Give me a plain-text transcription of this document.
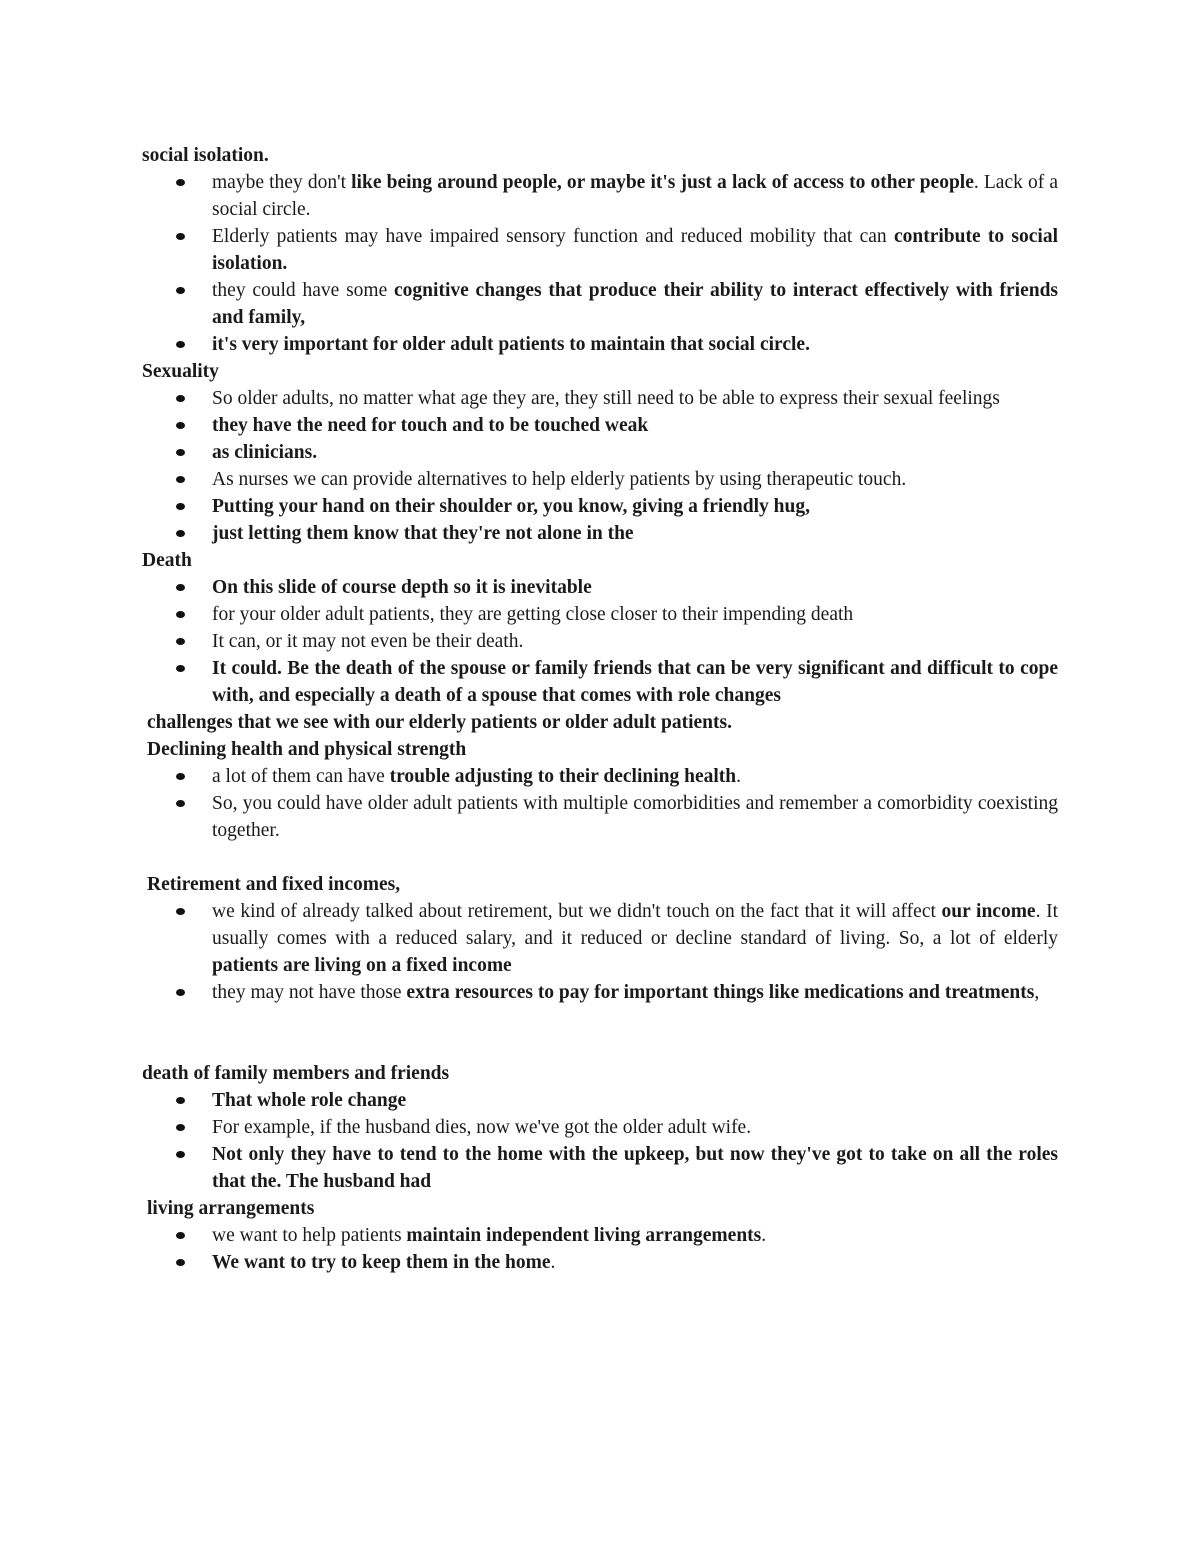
social isolation.

maybe they don't like being around people, or maybe it's just a lack of access to other people. Lack of a social circle.
Elderly patients may have impaired sensory function and reduced mobility that can contribute to social isolation.
they could have some cognitive changes that produce their ability to interact effectively with friends and family,
it's very important for older adult patients to maintain that social circle.

Sexuality

So older adults, no matter what age they are, they still need to be able to express their sexual feelings
they have the need for touch and to be touched weak
as clinicians.
As nurses we can provide alternatives to help elderly patients by using therapeutic touch.
Putting your hand on their shoulder or, you know, giving a friendly hug,
just letting them know that they're not alone in the

Death

On this slide of course depth so it is inevitable
for your older adult patients, they are getting close closer to their impending death
It can, or it may not even be their death.
It could. Be the death of the spouse or family friends that can be very significant and difficult to cope with, and especially a death of a spouse that comes with role changes

challenges that we see with our elderly patients or older adult patients.

Declining health and physical strength

a lot of them can have trouble adjusting to their declining health.
So, you could have older adult patients with multiple comorbidities and remember a comorbidity coexisting together.

Retirement and fixed incomes,

we kind of already talked about retirement, but we didn't touch on the fact that it will affect our income. It usually comes with a reduced salary, and it reduced or decline standard of living. So, a lot of elderly patients are living on a fixed income
they may not have those extra resources to pay for important things like medications and treatments,

death of family members and friends

That whole role change
For example, if the husband dies, now we've got the older adult wife.
Not only they have to tend to the home with the upkeep, but now they've got to take on all the roles that the. The husband had

living arrangements

we want to help patients maintain independent living arrangements.
We want to try to keep them in the home.
